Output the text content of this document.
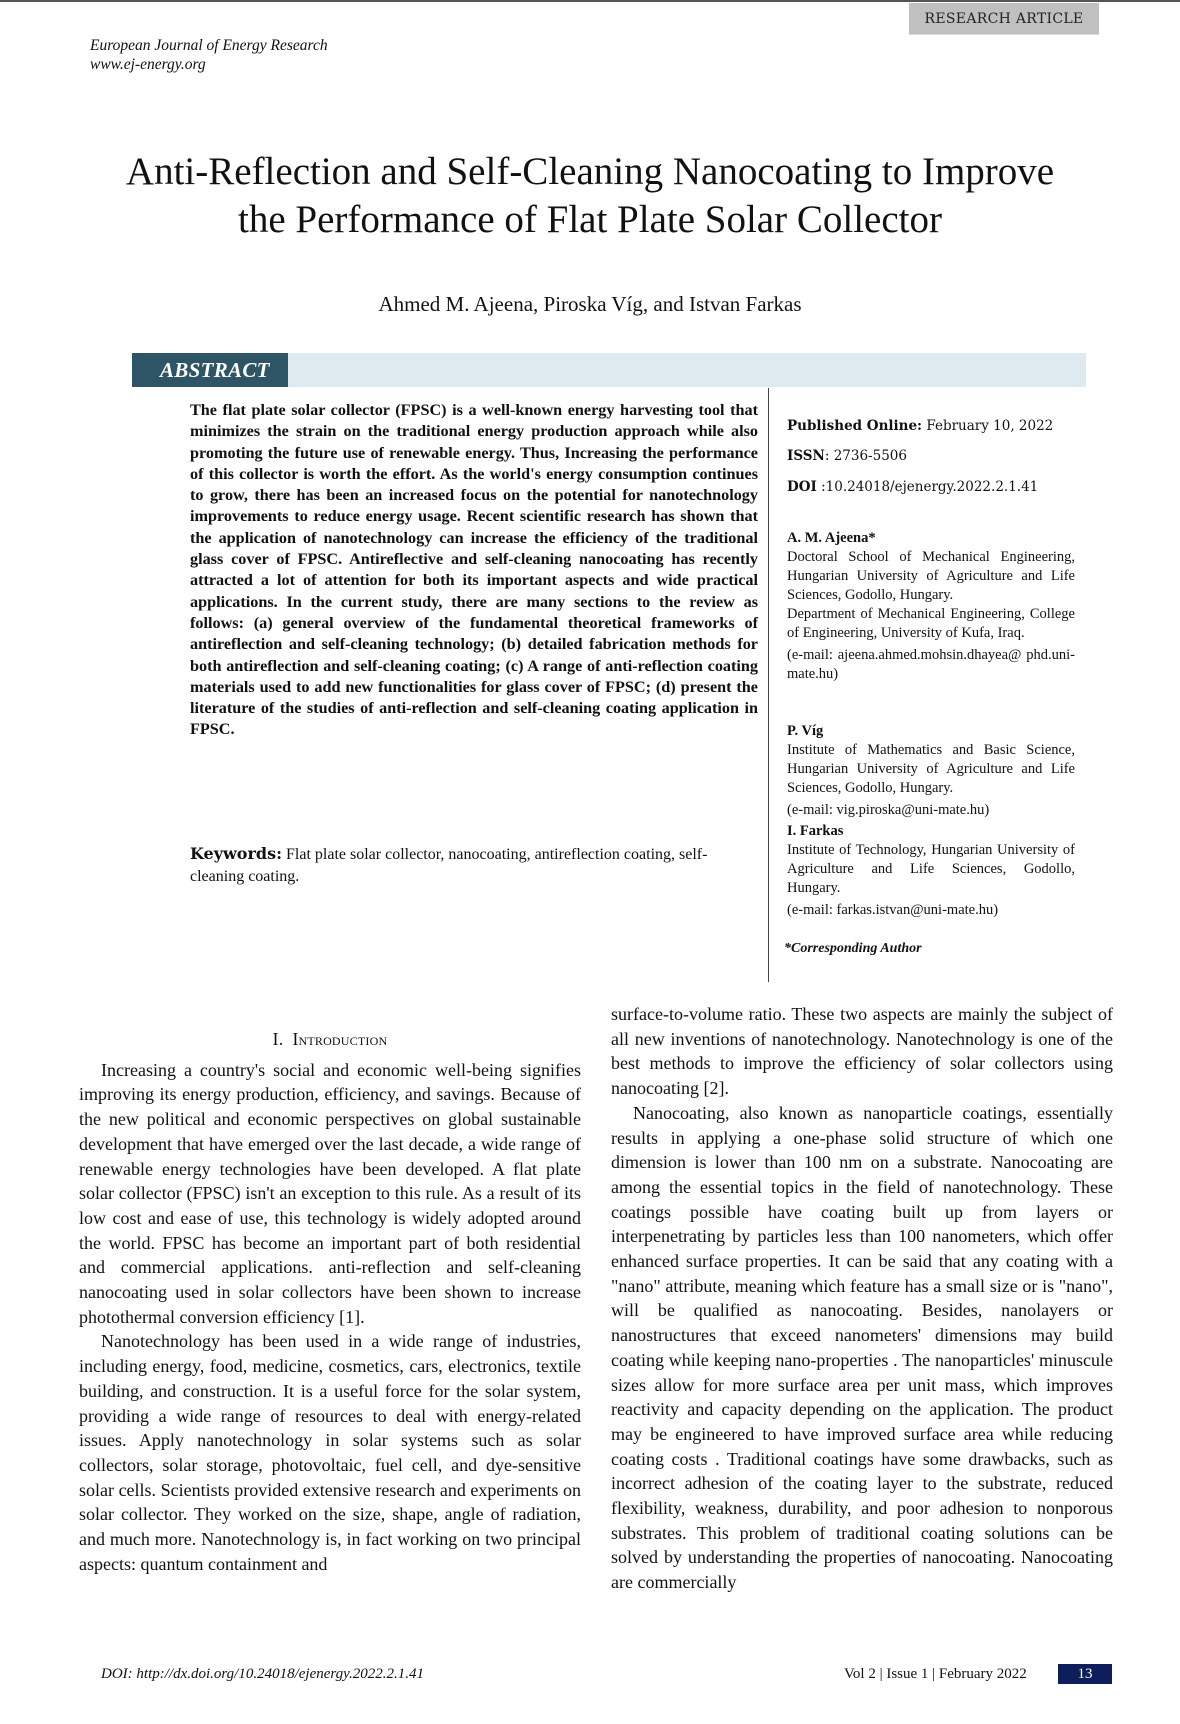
RESEARCH ARTICLE
European Journal of Energy Research
www.ej-energy.org
Anti-Reflection and Self-Cleaning Nanocoating to Improve the Performance of Flat Plate Solar Collector
Ahmed M. Ajeena, Piroska Víg, and Istvan Farkas
ABSTRACT

The flat plate solar collector (FPSC) is a well-known energy harvesting tool that minimizes the strain on the traditional energy production approach while also promoting the future use of renewable energy. Thus, Increasing the performance of this collector is worth the effort. As the world's energy consumption continues to grow, there has been an increased focus on the potential for nanotechnology improvements to reduce energy usage. Recent scientific research has shown that the application of nanotechnology can increase the efficiency of the traditional glass cover of FPSC. Antireflective and self-cleaning nanocoating has recently attracted a lot of attention for both its important aspects and wide practical applications. In the current study, there are many sections to the review as follows: (a) general overview of the fundamental theoretical frameworks of antireflection and self-cleaning technology; (b) detailed fabrication methods for both antireflection and self-cleaning coating; (c) A range of anti-reflection coating materials used to add new functionalities for glass cover of FPSC; (d) present the literature of the studies of anti-reflection and self-cleaning coating application in FPSC.

Keywords: Flat plate solar collector, nanocoating, antireflection coating, self-cleaning coating.

Published Online: February 10, 2022
ISSN: 2736-5506
DOI :10.24018/ejenergy.2022.2.1.41
A. M. Ajeena*

Doctoral School of Mechanical Engineering, Hungarian University of Agriculture and Life Sciences, Godollo, Hungary.

Department of Mechanical Engineering, College of Engineering, University of Kufa, Iraq.

(e-mail: ajeena.ahmed.mohsin.dhayea@ phd.uni-mate.hu)

P. Víg

Institute of Mathematics and Basic Science, Hungarian University of Agriculture and Life Sciences, Godollo, Hungary.

(e-mail: vig.piroska@uni-mate.hu)

I. Farkas

Institute of Technology, Hungarian University of Agriculture and Life Sciences, Godollo, Hungary.

(e-mail: farkas.istvan@uni-mate.hu)

*Corresponding Author
I. Introduction

Increasing a country's social and economic well-being signifies improving its energy production, efficiency, and savings. Because of the new political and economic perspectives on global sustainable development that have emerged over the last decade, a wide range of renewable energy technologies have been developed. A flat plate solar collector (FPSC) isn't an exception to this rule. As a result of its low cost and ease of use, this technology is widely adopted around the world. FPSC has become an important part of both residential and commercial applications. anti-reflection and self-cleaning nanocoating used in solar collectors have been shown to increase photothermal conversion efficiency [1].

Nanotechnology has been used in a wide range of industries, including energy, food, medicine, cosmetics, cars, electronics, textile building, and construction. It is a useful force for the solar system, providing a wide range of resources to deal with energy-related issues. Apply nanotechnology in solar systems such as solar collectors, solar storage, photovoltaic, fuel cell, and dye-sensitive solar cells. Scientists provided extensive research and experiments on solar collector. They worked on the size, shape, angle of radiation, and much more. Nanotechnology is, in fact working on two principal aspects: quantum containment and

surface-to-volume ratio. These two aspects are mainly the subject of all new inventions of nanotechnology. Nanotechnology is one of the best methods to improve the efficiency of solar collectors using nanocoating [2].

Nanocoating, also known as nanoparticle coatings, essentially results in applying a one-phase solid structure of which one dimension is lower than 100 nm on a substrate. Nanocoating are among the essential topics in the field of nanotechnology. These coatings possible have coating built up from layers or interpenetrating by particles less than 100 nanometers, which offer enhanced surface properties. It can be said that any coating with a "nano" attribute, meaning which feature has a small size or is "nano", will be qualified as nanocoating. Besides, nanolayers or nanostructures that exceed nanometers' dimensions may build coating while keeping nano-properties . The nanoparticles' minuscule sizes allow for more surface area per unit mass, which improves reactivity and capacity depending on the application. The product may be engineered to have improved surface area while reducing coating costs . Traditional coatings have some drawbacks, such as incorrect adhesion of the coating layer to the substrate, reduced flexibility, weakness, durability, and poor adhesion to nonporous substrates. This problem of traditional coating solutions can be solved by understanding the properties of nanocoating. Nanocoating are commercially

DOI: http://dx.doi.org/10.24018/ejenergy.2022.2.1.41	Vol 2 | Issue 1 | February 2022	13
